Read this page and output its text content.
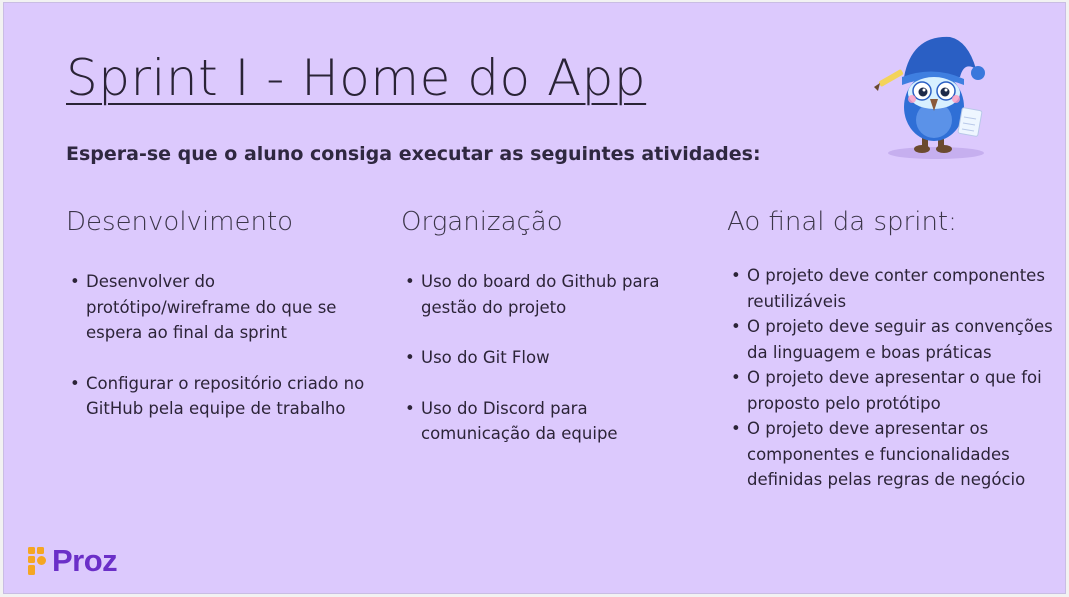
Sprint I - Home do App
Espera-se que o aluno consiga executar as seguintes atividades:
Desenvolvimento
• Desenvolver do protótipo/wireframe do que se espera ao final da sprint
• Configurar o repositório criado no GitHub pela equipe de trabalho
Organização
• Uso do board do Github para gestão do projeto
• Uso do Git Flow
• Uso do Discord para comunicação da equipe
Ao final da sprint:
• O projeto deve conter componentes reutilizáveis
• O projeto deve seguir as convenções da linguagem e boas práticas
• O projeto deve apresentar o que foi proposto pelo protótipo
• O projeto deve apresentar os componentes e funcionalidades definidas pelas regras de negócio
Proz
